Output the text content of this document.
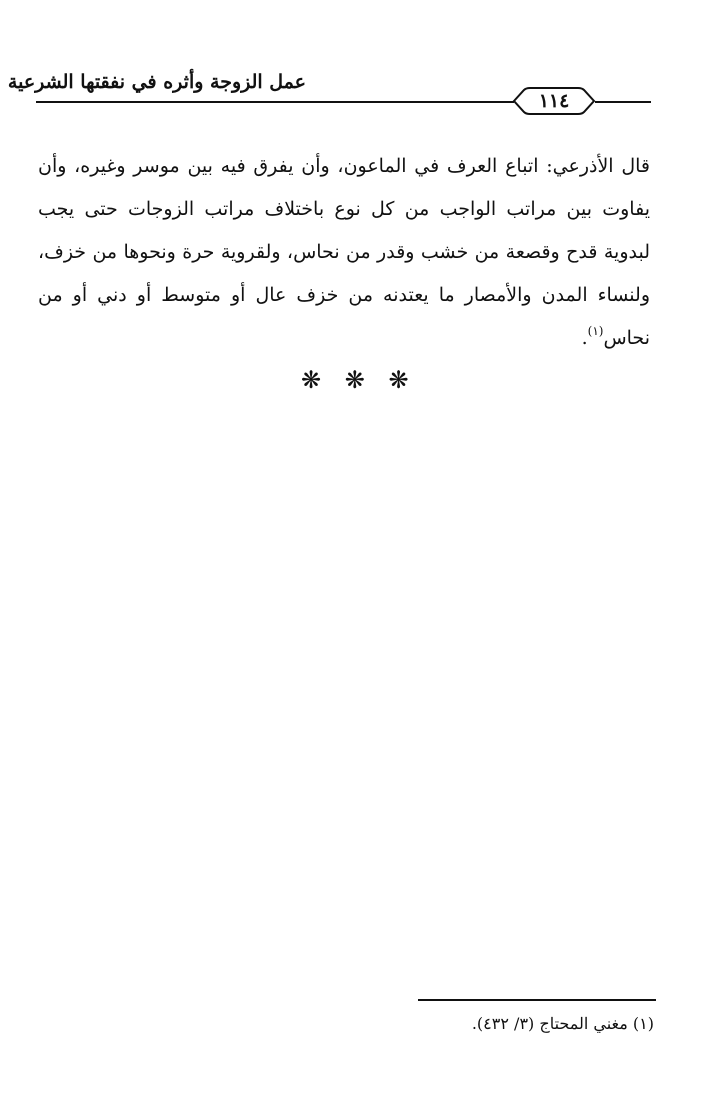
عمل الزوجة وأثره في نفقتها الشرعية
١١٤
قال الأذرعي: اتباع العرف في الماعون، وأن يفرق فيه بين موسر وغيره، وأن
يفاوت بين مراتب الواجب من كل نوع باختلاف مراتب الزوجات حتى يجب
لبدوية قدح وقصعة من خشب وقدر من نحاس، ولقروية حرة ونحوها من خزف،
ولنساء المدن والأمصار ما يعتدنه من خزف عال أو متوسط أو دني أو من
نحاس$^{(١)}$.
❋ ❋ ❋
(١) مغني المحتاج (٣/ ٤٣٢).
